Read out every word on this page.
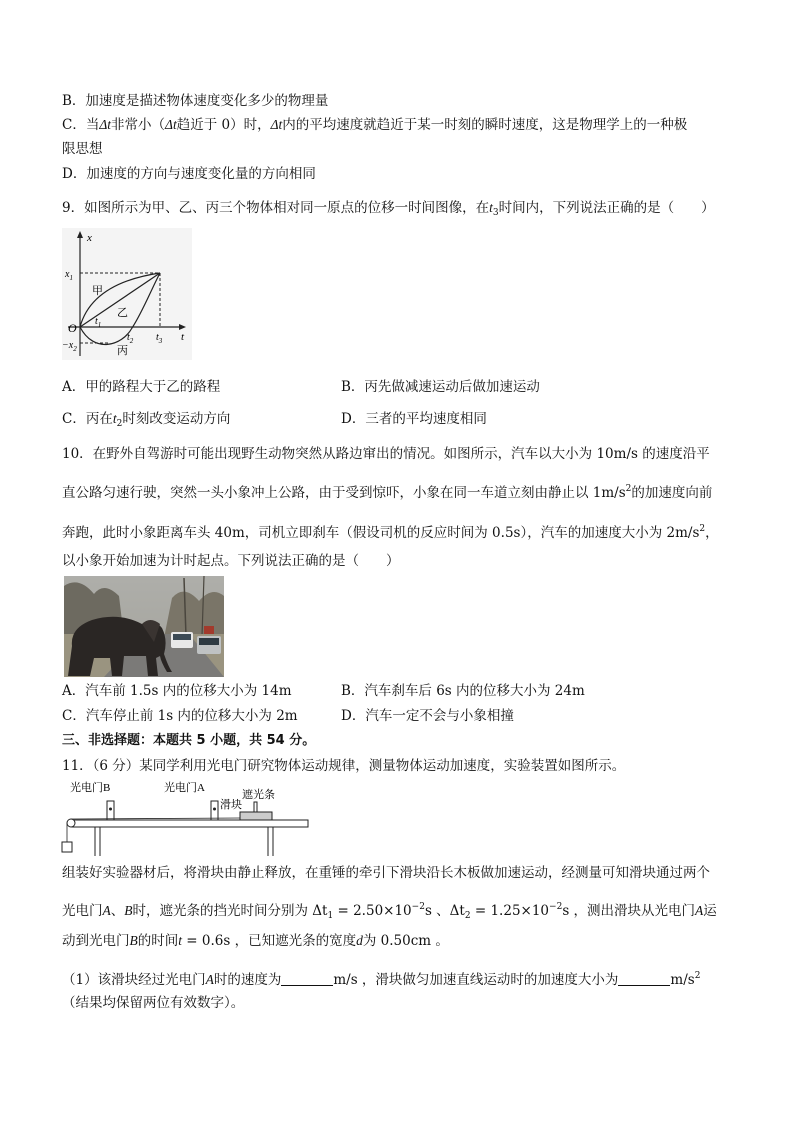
B．加速度是描述物体速度变化多少的物理量
C．当Δt非常小（Δt趋近于 0）时，Δt内的平均速度就趋近于某一时刻的瞬时速度，这是物理学上的一种极
限思想
D．加速度的方向与速度变化量的方向相同
9．如图所示为甲、乙、丙三个物体相对同一原点的位移一时间图像，在$t_3$时间内，下列说法正确的是（　　）
x
t
O
$x_1$
$-x_2$
$t_1$
$t_2$ $t_3$
甲
乙
丙
A．甲的路程大于乙的路程	B．丙先做减速运动后做加速运动
C．丙在$t_2$时刻改变运动方向	D．三者的平均速度相同
10．在野外自驾游时可能出现野生动物突然从路边窜出的情况。如图所示，汽车以大小为 10m/s 的速度沿平
直公路匀速行驶，突然一头小象冲上公路，由于受到惊吓，小象在同一车道立刻由静止以 $1m/s^2$的加速度向前
奔跑，此时小象距离车头 40m，司机立即刹车（假设司机的反应时间为 0.5s），汽车的加速度大小为 $2m/s^2$，
以小象开始加速为计时起点。下列说法正确的是（　　）
A．汽车前 1.5s 内的位移大小为 14m	B．汽车刹车后 6s 内的位移大小为 24m
C．汽车停止前 1s 内的位移大小为 2m	D．汽车一定不会与小象相撞
三、非选择题：本题共 5 小题，共 54 分。
11．（6 分）某同学利用光电门研究物体运动规律，测量物体运动加速度，实验装置如图所示。
光电门B	光电门A
滑块
遮光条
组装好实验器材后，将滑块由静止释放，在重锤的牵引下滑块沿长木板做加速运动，经测量可知滑块通过两个
光电门A、B时，遮光条的挡光时间分别为 $\Delta t_1 = 2.50\times 10^{-2}s$ 、$\Delta t_2 = 1.25\times 10^{-2}s$ ，测出滑块从光电门A运
动到光电门B的时间t = 0.6s ，已知遮光条的宽度d为 0.50cm 。
（1）该滑块经过光电门A时的速度为	m/s ，滑块做匀加速直线运动时的加速度大小为	$m/s^2$
（结果均保留两位有效数字）。
